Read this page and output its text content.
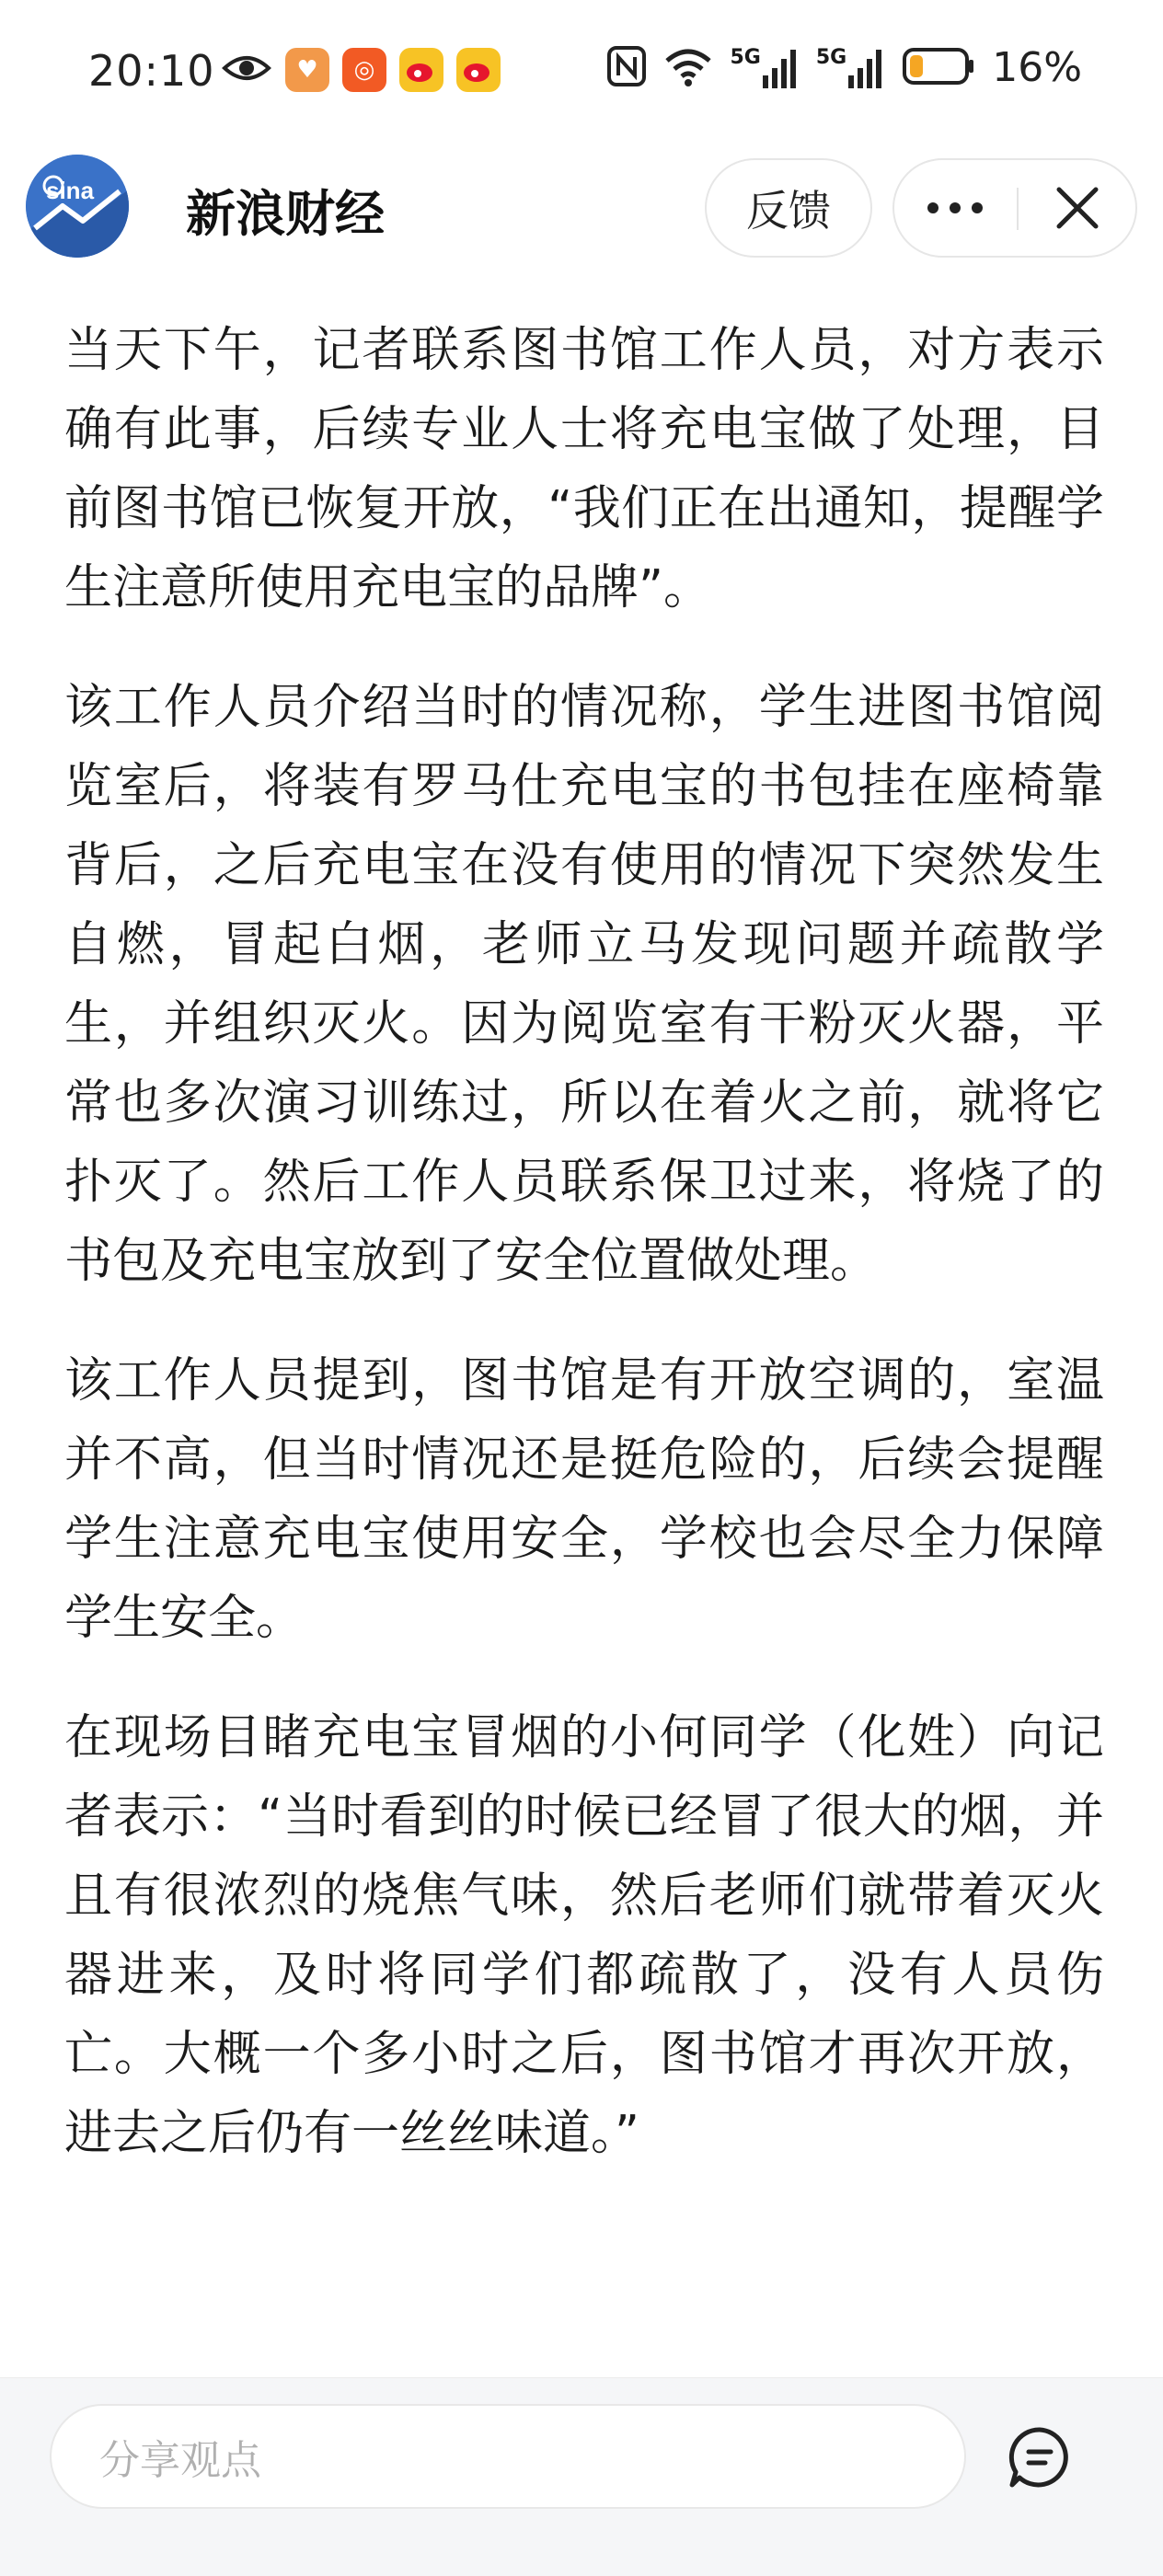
20:10	♥	◎	5G	5G	16%
sina 新浪财经	反馈

当天下午，记者联系图书馆工作人员，对方表示确有此事，后续专业人士将充电宝做了处理，目前图书馆已恢复开放，“我们正在出通知，提醒学生注意所使用充电宝的品牌”。

该工作人员介绍当时的情况称，学生进图书馆阅览室后，将装有罗马仕充电宝的书包挂在座椅靠背后，之后充电宝在没有使用的情况下突然发生自燃，冒起白烟，老师立马发现问题并疏散学生，并组织灭火。因为阅览室有干粉灭火器，平常也多次演习训练过，所以在着火之前，就将它扑灭了。然后工作人员联系保卫过来，将烧了的书包及充电宝放到了安全位置做处理。

该工作人员提到，图书馆是有开放空调的，室温并不高，但当时情况还是挺危险的，后续会提醒学生注意充电宝使用安全，学校也会尽全力保障学生安全。

在现场目睹充电宝冒烟的小何同学（化姓）向记者表示：“当时看到的时候已经冒了很大的烟，并且有很浓烈的烧焦气味，然后老师们就带着灭火器进来，及时将同学们都疏散了，没有人员伤亡。大概一个多小时之后，图书馆才再次开放，进去之后仍有一丝丝味道。”

分享观点
